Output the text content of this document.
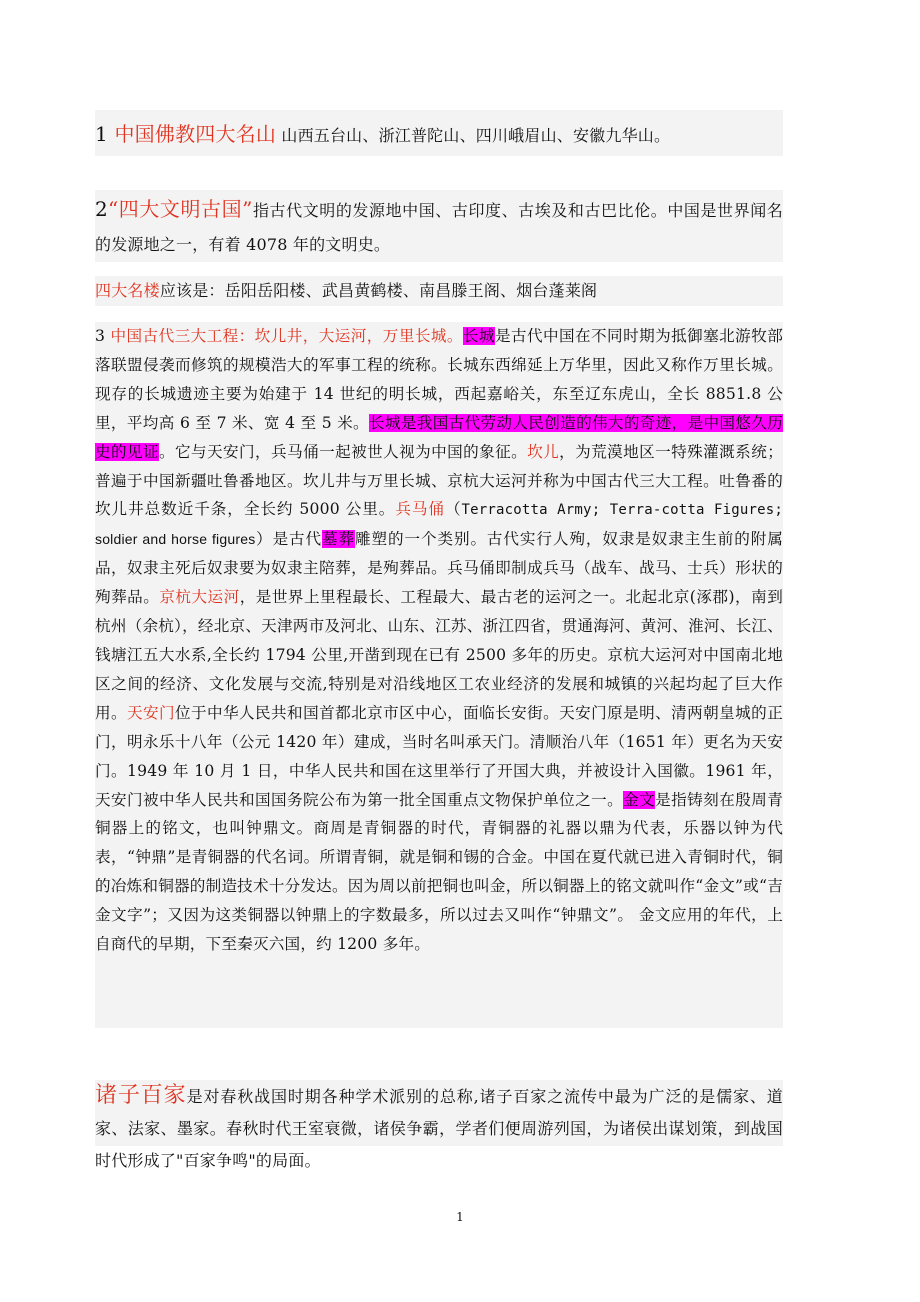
1 中国佛教四大名山 山西五台山、浙江普陀山、四川峨眉山、安徽九华山。

2“四大文明古国”指古代文明的发源地中国、古印度、古埃及和古巴比伦。中国是世界闻名的发源地之一，有着 4078 年的文明史。

四大名楼应该是：岳阳岳阳楼、武昌黄鹤楼、南昌滕王阁、烟台蓬莱阁

3 中国古代三大工程：坎儿井，大运河，万里长城。长城是古代中国在不同时期为抵御塞北游牧部落联盟侵袭而修筑的规模浩大的军事工程的统称。长城东西绵延上万华里，因此又称作万里长城。现存的长城遗迹主要为始建于 14 世纪的明长城，西起嘉峪关，东至辽东虎山，全长 8851.8 公里，平均高 6 至 7 米、宽 4 至 5 米。长城是我国古代劳动人民创造的伟大的奇迹，是中国悠久历史的见证。它与天安门，兵马俑一起被世人视为中国的象征。坎儿，为荒漠地区一特殊灌溉系统；普遍于中国新疆吐鲁番地区。坎儿井与万里长城、京杭大运河并称为中国古代三大工程。吐鲁番的坎儿井总数近千条，全长约 5000 公里。兵马俑（Terracotta Army; Terra-cotta Figures; soldier and horse figures）是古代墓葬雕塑的一个类别。古代实行人殉，奴隶是奴隶主生前的附属品，奴隶主死后奴隶要为奴隶主陪葬，是殉葬品。兵马俑即制成兵马（战车、战马、士兵）形状的殉葬品。京杭大运河，是世界上里程最长、工程最大、最古老的运河之一。北起北京(涿郡)，南到杭州（余杭），经北京、天津两市及河北、山东、江苏、浙江四省，贯通海河、黄河、淮河、长江、钱塘江五大水系,全长约 1794 公里,开凿到现在已有 2500 多年的历史。京杭大运河对中国南北地区之间的经济、文化发展与交流,特别是对沿线地区工农业经济的发展和城镇的兴起均起了巨大作用。天安门位于中华人民共和国首都北京市区中心，面临长安街。天安门原是明、清两朝皇城的正门，明永乐十八年（公元 1420 年）建成，当时名叫承天门。清顺治八年（1651 年）更名为天安门。1949 年 10 月 1 日，中华人民共和国在这里举行了开国大典，并被设计入国徽。1961 年，天安门被中华人民共和国国务院公布为第一批全国重点文物保护单位之一。金文是指铸刻在殷周青铜器上的铭文，也叫钟鼎文。商周是青铜器的时代，青铜器的礼器以鼎为代表，乐器以钟为代表，“钟鼎”是青铜器的代名词。所谓青铜，就是铜和锡的合金。中国在夏代就已进入青铜时代，铜的冶炼和铜器的制造技术十分发达。因为周以前把铜也叫金，所以铜器上的铭文就叫作“金文”或“吉金文字”；又因为这类铜器以钟鼎上的字数最多，所以过去又叫作“钟鼎文”。 金文应用的年代，上自商代的早期，下至秦灭六国，约 1200 多年。

诸子百家是对春秋战国时期各种学术派别的总称,诸子百家之流传中最为广泛的是儒家、道家、法家、墨家。春秋时代王室衰微，诸侯争霸，学者们便周游列国，为诸侯出谋划策，到战国时代形成了"百家争鸣"的局面。

1
